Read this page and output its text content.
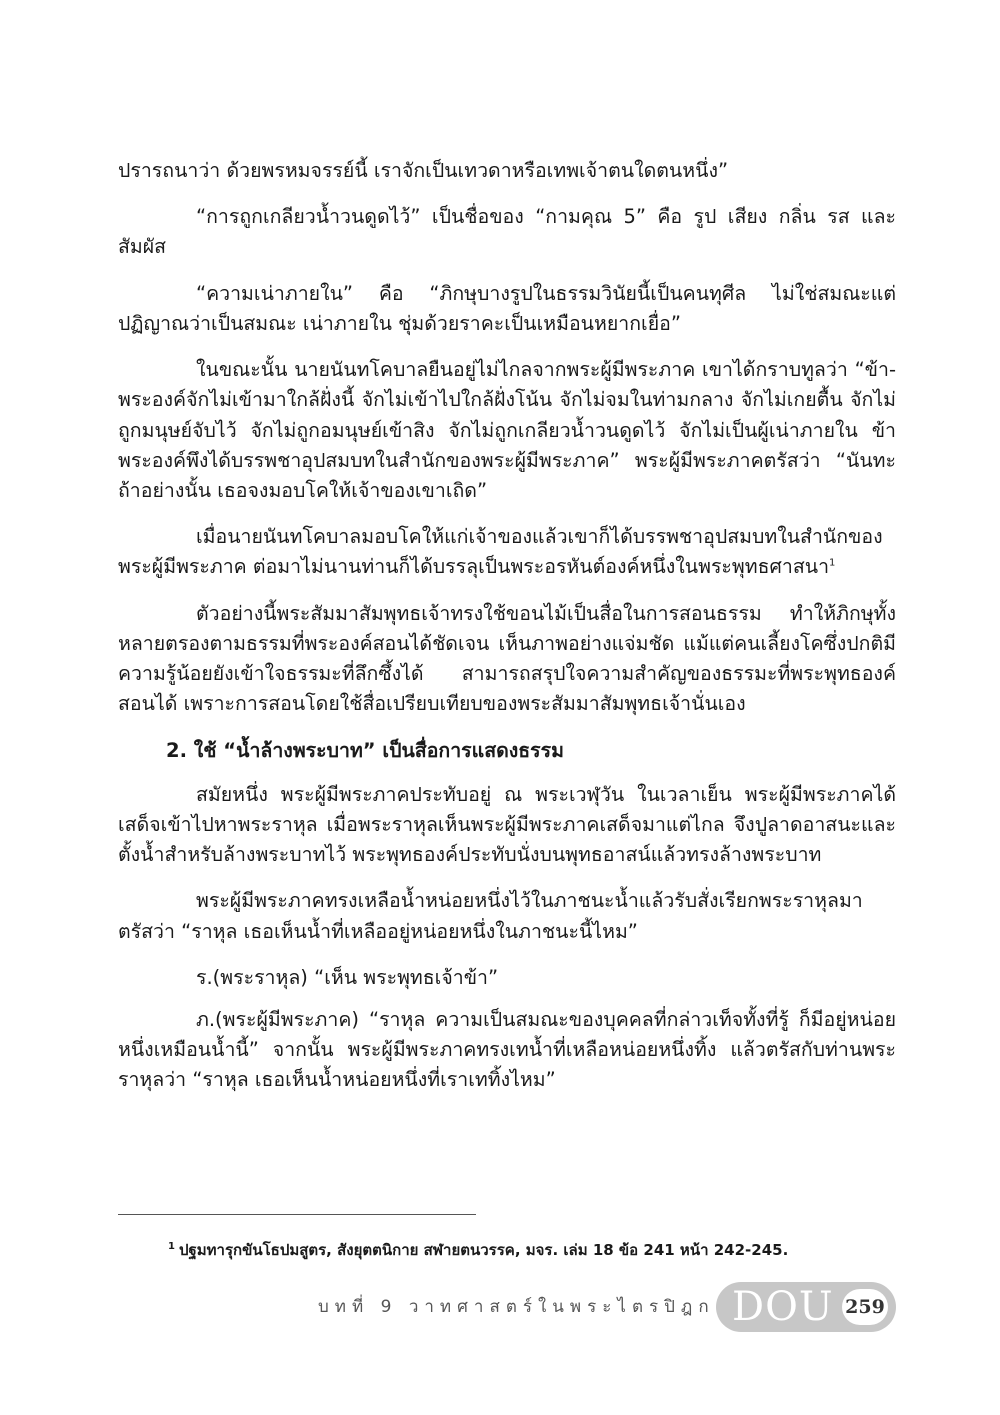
ปรารถนาว่า ด้วยพรหมจรรย์นี้ เราจักเป็นเทวดาหรือเทพเจ้าตนใดตนหนึ่ง”

“การถูกเกลียวน้ำวนดูดไว้” เป็นชื่อของ “กามคุณ 5” คือ รูป เสียง กลิ่น รส และสัมผัส

“ความเน่าภายใน” คือ “ภิกษุบางรูปในธรรมวินัยนี้เป็นคนทุศีล ไม่ใช่สมณะแต่ปฏิญาณว่าเป็นสมณะ เน่าภายใน ชุ่มด้วยราคะเป็นเหมือนหยากเยื่อ”

ในขณะนั้น นายนันทโคบาลยืนอยู่ไม่ไกลจากพระผู้มีพระภาค เขาได้กราบทูลว่า “ข้า-พระองค์จักไม่เข้ามาใกล้ฝั่งนี้ จักไม่เข้าไปใกล้ฝั่งโน้น จักไม่จมในท่ามกลาง จักไม่เกยตื้น จักไม่ถูกมนุษย์จับไว้ จักไม่ถูกอมนุษย์เข้าสิง จักไม่ถูกเกลียวน้ำวนดูดไว้ จักไม่เป็นผู้เน่าภายใน ข้าพระองค์พึงได้บรรพชาอุปสมบทในสำนักของพระผู้มีพระภาค” พระผู้มีพระภาคตรัสว่า “นันทะ ถ้าอย่างนั้น เธอจงมอบโคให้เจ้าของเขาเถิด”

เมื่อนายนันทโคบาลมอบโคให้แก่เจ้าของแล้วเขาก็ได้บรรพชาอุปสมบทในสำนักของพระผู้มีพระภาค ต่อมาไม่นานท่านก็ได้บรรลุเป็นพระอรหันต์องค์หนึ่งในพระพุทธศาสนา$^1$

ตัวอย่างนี้พระสัมมาสัมพุทธเจ้าทรงใช้ขอนไม้เป็นสื่อในการสอนธรรม ทำให้ภิกษุทั้งหลายตรองตามธรรมที่พระองค์สอนได้ชัดเจน เห็นภาพอย่างแจ่มชัด แม้แต่คนเลี้ยงโคซึ่งปกติมีความรู้น้อยยังเข้าใจธรรมะที่ลึกซึ้งได้ สามารถสรุปใจความสำคัญของธรรมะที่พระพุทธองค์สอนได้ เพราะการสอนโดยใช้สื่อเปรียบเทียบของพระสัมมาสัมพุทธเจ้านั่นเอง

2. ใช้ “น้ำล้างพระบาท” เป็นสื่อการแสดงธรรม

สมัยหนึ่ง พระผู้มีพระภาคประทับอยู่ ณ พระเวฬุวัน ในเวลาเย็น พระผู้มีพระภาคได้เสด็จเข้าไปหาพระราหุล เมื่อพระราหุลเห็นพระผู้มีพระภาคเสด็จมาแต่ไกล จึงปูลาดอาสนะและตั้งน้ำสำหรับล้างพระบาทไว้ พระพุทธองค์ประทับนั่งบนพุทธอาสน์แล้วทรงล้างพระบาท

พระผู้มีพระภาคทรงเหลือน้ำหน่อยหนึ่งไว้ในภาชนะน้ำแล้วรับสั่งเรียกพระราหุลมาตรัสว่า “ราหุล เธอเห็นน้ำที่เหลืออยู่หน่อยหนึ่งในภาชนะนี้ไหม”

ร.(พระราหุล) “เห็น พระพุทธเจ้าข้า”

ภ.(พระผู้มีพระภาค) “ราหุล ความเป็นสมณะของบุคคลที่กล่าวเท็จทั้งที่รู้ ก็มีอยู่หน่อยหนึ่งเหมือนน้ำนี้” จากนั้น พระผู้มีพระภาคทรงเทน้ำที่เหลือหน่อยหนึ่งทิ้ง แล้วตรัสกับท่านพระราหุลว่า “ราหุล เธอเห็นน้ำหน่อยหนึ่งที่เราเททิ้งไหม”

$^1$ ปฐมทารุกขันโธปมสูตร, สังยุตตนิกาย สฬายตนวรรค, มจร. เล่ม 18 ข้อ 241 หน้า 242-245.
บทที่ 9 วาทศาสตร์ในพระไตรปิฎก DOU 259
